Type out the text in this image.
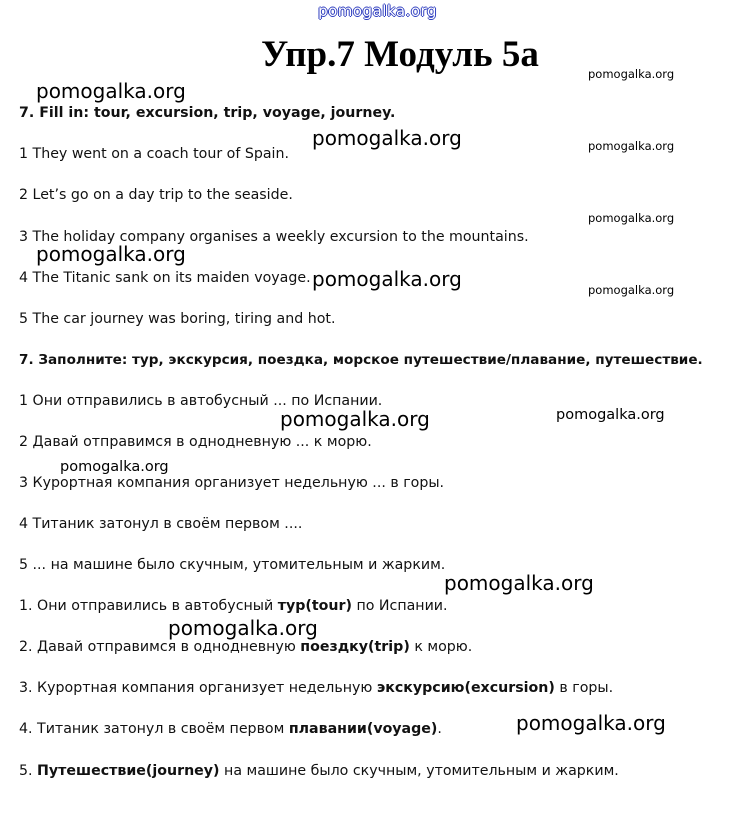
pomogalka.org
Упр.7 Модуль 5а
7. Fill in: tour, excursion, trip, voyage, journey.
1 They went on a coach tour of Spain.
2 Let’s go on a day trip to the seaside.
3 The holiday company organises a weekly excursion to the mountains.
4 The Titanic sank on its maiden voyage.
5 The car journey was boring, tiring and hot.
7. Заполните: тур, экскурсия, поездка, морское путешествие/плавание, путешествие.
1 Они отправились в автобусный ... по Испании.
2 Давай отправимся в однодневную ... к морю.
3 Курортная компания организует недельную ... в горы.
4 Титаник затонул в своём первом ....
5 ... на машине было скучным, утомительным и жарким.
1. Они отправились в автобусный тур(tour) по Испании.
2. Давай отправимся в однодневную поездку(trip) к морю.
3. Курортная компания организует недельную экскурсию(excursion) в горы.
4. Титаник затонул в своём первом плавании(voyage).
5. Путешествие(journey) на машине было скучным, утомительным и жарким.
pomogalka.org
pomogalka.org
pomogalka.org	pomogalka.org
pomogalka.org
pomogalka.org
pomogalka.org	pomogalka.org
pomogalka.org	pomogalka.org
pomogalka.org
pomogalka.org
pomogalka.org
pomogalka.org
